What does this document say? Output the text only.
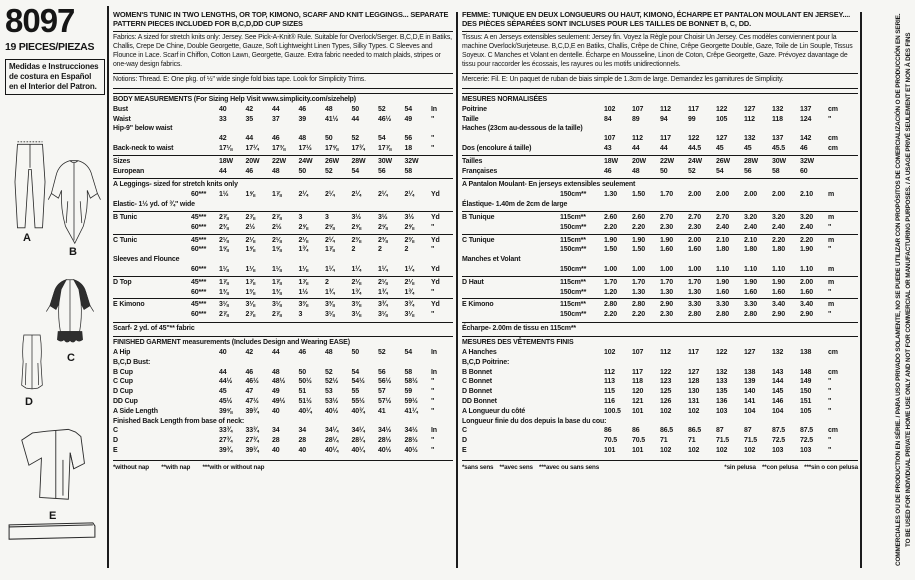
8097
19 PIECES/PIEZAS
Medidas e Instrucciones de costura en Español en el Interior del Patron.
A
B
C
D
E
WOMEN'S TUNIC IN TWO LENGTHS, OR TOP, KIMONO, SCARF AND KNIT LEGGINGS... SEPARATE PATTERN PIECES INCLUDED FOR B,C,D,DD CUP SIZES
Fabrics: A sized for stretch knits only: Jersey. See Pick-A-Knit® Rule. Suitable for Overlock/Serger. B,C,D,E in Batiks, Challis, Crepe De Chine, Double Georgette, Gauze, Soft Lightweight Linen Types, Silky Types. C Sleeves and Flounce in Lace. Scarf in Chiffon, Cotton Lawn, Georgette, Gauze. Extra fabric needed to match plaids, stripes or one-way design fabrics.
Notions: Thread. E: One pkg. of ½" wide single fold bias tape. Look for Simplicity Trims.
BODY MEASUREMENTS (For Sizing Help Visit www.simplicity.com/sizehelp)
Bust	40	42	44	46	48	50	52	54	In
Waist	33	35	37	39	41½	44	46½	49	"
Hip-9" below waist
42	44	46	48	50	52	54	56	"
Back-neck to waist	17⅛	17¼	17⅜	17½	17⅝	17¾	17⅞	18	"
Sizes	18W	20W	22W	24W	26W	28W	30W	32W
European	44	46	48	50	52	54	56	58
A Leggings- sized for stretch knits only
60***	1½	1⅝	1⅞	2¼	2¼	2¼	2¼	2¼	Yd
Elastic- 1½ yd. of ¾" wide
B Tunic	45***	2⅞	2⅞	2⅞	3	3	3½	3½	3½	Yd
60***	2⅜	2½	2½	2⅝	2⅝	2⅝	2⅝	2⅝	"
C Tunic	45***	2⅛	2⅛	2⅛	2⅛	2¼	2⅜	2⅜	2⅜	Yd
60***	1⅝	1⅝	1⅝	1¾	1⅞	2	2	2	"
Sleeves and Flounce
60***	1⅛	1⅛	1⅛	1⅛	1¼	1¼	1¼	1¼	Yd
D Top	45***	1⅞	1⅞	1⅞	1⅞	2	2⅛	2⅛	2⅛	Yd
60***	1⅜	1⅜	1⅜	1½	1¾	1¾	1¾	1¾	"
E Kimono	45***	3⅛	3⅛	3⅛	3⅜	3⅜	3⅜	3¾	3¾	Yd
60***	2⅞	2⅞	2⅞	3	3⅛	3⅛	3⅛	3⅛	"
Scarf- 2 yd. of 45"** fabric
FINISHED GARMENT measurements (Includes Design and Wearing EASE)
A Hip	40	42	44	46	48	50	52	54	In
B,C,D Bust:
B Cup	44	46	48	50	52	54	56	58	In
C Cup	44½	46½	48½	50½	52½	54½	56½	58½	"
D Cup	45	47	49	51	53	55	57	59	"
DD Cup	45½	47½	49½	51½	53½	55½	57½	59½	"
A Side Length	39⅝	39¾	40	40¼	40½	40¾	41	41¼	"
Finished Back Length from base of neck:
C	33¾	33¾	34	34	34¼	34¼	34½	34½	In
D	27¾	27¾	28	28	28¼	28¼	28½	28½	"
E	39¾	39¾	40	40	40¼	40¼	40½	40½	"
*without nap  **with nap  ***with or without nap
FEMME: TUNIQUE EN DEUX LONGUEURS OU HAUT, KIMONO, ÉCHARPE ET PANTALON MOULANT EN JERSEY.... DES PIÈCES SÉPARÉES SONT INCLUSES POUR LES TAILLES DE BONNET B, C, DD.
Tissus: A en Jerseys extensibles seulement: Jersey fin. Voyez la Règle pour Choisir Un Jersey. Ces modèles conviennent pour la machine Overlock/Surjeteuse. B,C,D,E en Batiks, Challis, Crêpe de Chine, Crêpe Georgette Double, Gaze, Toile de Lin Souple, Tissus Soyeux. C Manches et Volant en dentelle. Écharpe en Mousseline, Linon de Coton, Crêpe Georgette, Gaze. Prévoyez davantage de tissu pour raccorder les écossais, les rayures ou les motifs unidirectionnels.
Mercerie: Fil. E: Un paquet de ruban de biais simple de 1.3cm de large. Demandez les garnitures de Simplicity.
MESURES NORMALISÉES
Poitrine	102	107	112	117	122	127	132	137	cm
Taille	84	89	94	99	105	112	118	124	"
Haches (23cm au-dessous de la taille)
107	112	117	122	127	132	137	142	cm
Dos (encolure á taille)	43	44	44	44.5	45	45	45.5	46	cm
Tailles	18W	20W	22W	24W	26W	28W	30W	32W
Françaises	46	48	50	52	54	56	58	60
A Pantalon Moulant- En jerseys extensibles seulement
150cm**	1.30	1.50	1.70	2.00	2.00	2.00	2.00	2.10	m
Élastique- 1.40m de 2cm de large
B Tunique	115cm**	2.60	2.60	2.70	2.70	2.70	3.20	3.20	3.20	m
150cm**	2.20	2.20	2.30	2.30	2.40	2.40	2.40	2.40	"
C Tunique	115cm**	1.90	1.90	1.90	2.00	2.10	2.10	2.20	2.20	m
150cm**	1.50	1.50	1.60	1.60	1.80	1.80	1.80	1.90	"
Manches et Volant
150cm**	1.00	1.00	1.00	1.00	1.10	1.10	1.10	1.10	m
D Haut	115cm**	1.70	1.70	1.70	1.70	1.90	1.90	1.90	2.00	m
150cm**	1.20	1.30	1.30	1.30	1.60	1.60	1.60	1.60	"
E Kimono	115cm**	2.80	2.80	2.90	3.30	3.30	3.30	3.40	3.40	m
150cm**	2.20	2.20	2.30	2.80	2.80	2.80	2.90	2.90	"
Écharpe- 2.00m de tissu en 115cm**
MESURES DES VÊTEMENTS FINIS
A Hanches	102	107	112	117	122	127	132	138	cm
B,C,D Poitrine:
B Bonnet	112	117	122	127	132	138	143	148	cm
C Bonnet	113	118	123	128	133	139	144	149	"
D Bonnet	115	120	125	130	135	140	145	150	"
DD Bonnet	116	121	126	131	136	141	146	151	"
A Longueur du côté	100.5	101	102	102	103	104	104	105	"
Longueur finie du dos depuis la base du cou:
C	86	86	86.5	86.5	87	87	87.5	87.5	cm
D	70.5	70.5	71	71	71.5	71.5	72.5	72.5	"
E	101	101	102	102	102	102	103	103	"
*sans sens **avec sens ***avec ou sans sens	*sin pelusa **con pelusa ***sin o con pelusa	COMMERCIALES OU DE PRODUCTION EN SÉRIE. / PARA USO PRIVADO SOLAMENTE, NO SE PUEDE UTILIZAR CON PROPÓSITOS DE COMERCIALIZACIÓN O DE PRODUCCIÓN EN SERIE. TO BE USED FOR INDIVIDUAL PRIVATE HOME USE ONLY AND NOT FOR COMMERCIAL OR MANUFACTURING PURPOSES. / A USAGE PRIVÉ SEULEMENT ET NON À DES FINS
